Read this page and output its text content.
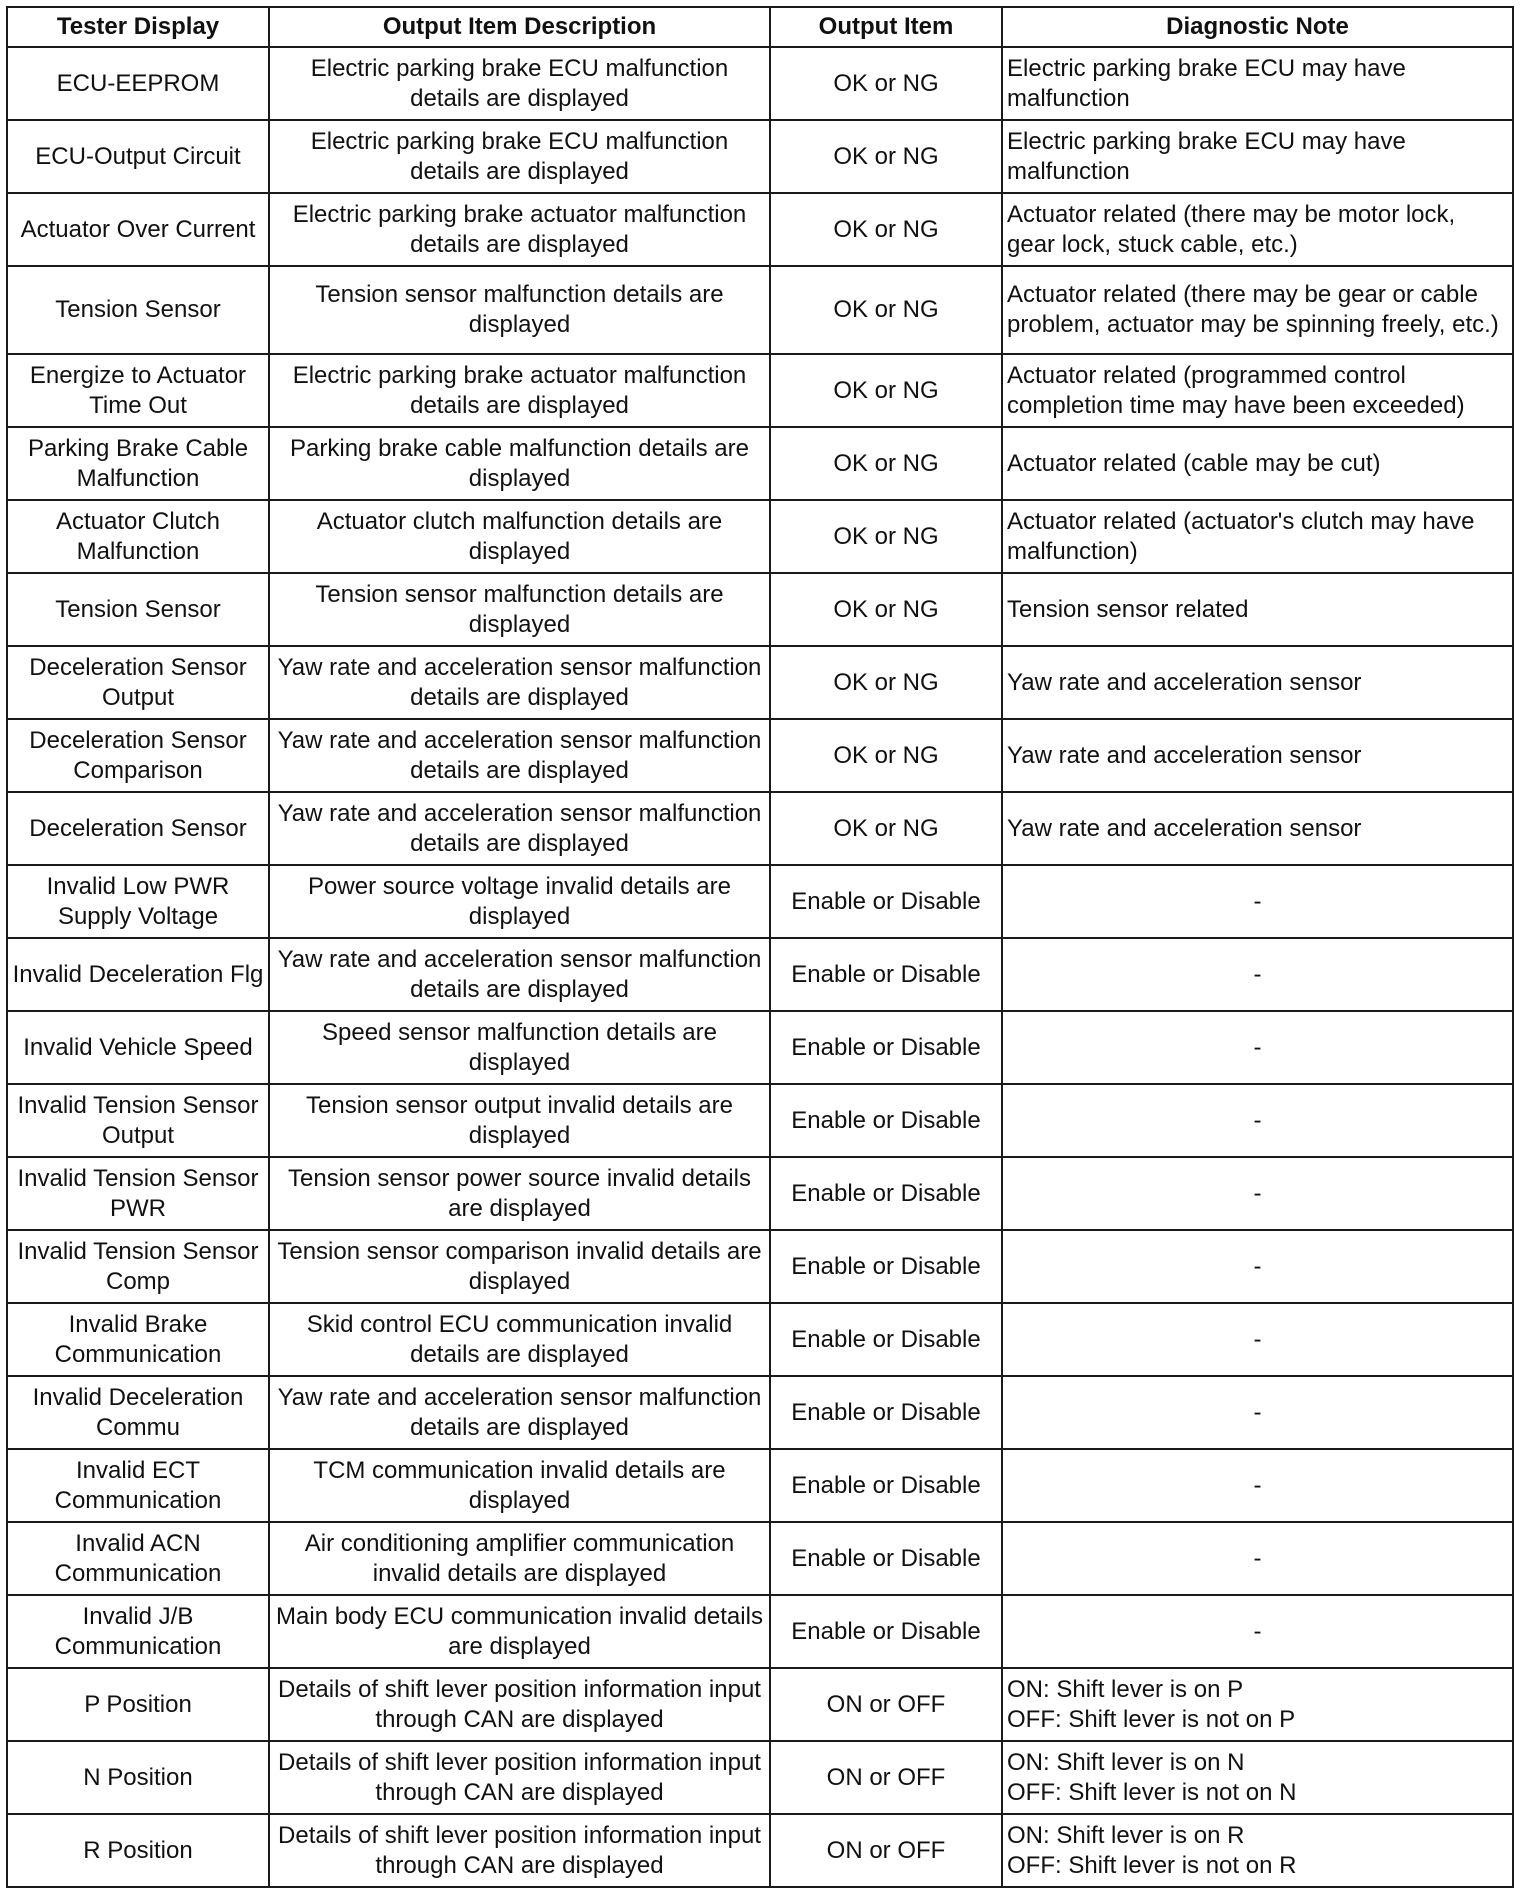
Tester Display	Output Item Description	Output Item	Diagnostic Note
ECU-EEPROM	Electric parking brake ECU malfunction details are displayed	OK or NG	Electric parking brake ECU may have malfunction

ECU-Output Circuit	Electric parking brake ECU malfunction details are displayed	OK or NG	Electric parking brake ECU may have malfunction

Actuator Over Current	Electric parking brake actuator malfunction details are displayed	OK or NG	Actuator related (there may be motor lock, gear lock, stuck cable, etc.)

Tension Sensor	Tension sensor malfunction details are displayed	OK or NG	Actuator related (there may be gear or cable problem, actuator may be spinning freely, etc.)

Energize to Actuator Time Out	Electric parking brake actuator malfunction details are displayed	OK or NG	Actuator related (programmed control completion time may have been exceeded)

Parking Brake Cable Malfunction	Parking brake cable malfunction details are displayed	OK or NG	Actuator related (cable may be cut)

Actuator Clutch Malfunction	Actuator clutch malfunction details are displayed	OK or NG	Actuator related (actuator's clutch may have malfunction)

Tension Sensor	Tension sensor malfunction details are displayed	OK or NG	Tension sensor related

Deceleration Sensor Output	Yaw rate and acceleration sensor malfunction details are displayed	OK or NG	Yaw rate and acceleration sensor

Deceleration Sensor Comparison	Yaw rate and acceleration sensor malfunction details are displayed	OK or NG	Yaw rate and acceleration sensor

Deceleration Sensor	Yaw rate and acceleration sensor malfunction details are displayed	OK or NG	Yaw rate and acceleration sensor

Invalid Low PWR Supply Voltage	Power source voltage invalid details are displayed	Enable or Disable	-

Invalid Deceleration Flg	Yaw rate and acceleration sensor malfunction details are displayed	Enable or Disable	-

Invalid Vehicle Speed	Speed sensor malfunction details are displayed	Enable or Disable	-

Invalid Tension Sensor Output	Tension sensor output invalid details are displayed	Enable or Disable	-

Invalid Tension Sensor PWR	Tension sensor power source invalid details are displayed	Enable or Disable	-

Invalid Tension Sensor Comp	Tension sensor comparison invalid details are displayed	Enable or Disable	-

Invalid Brake Communication	Skid control ECU communication invalid details are displayed	Enable or Disable	-

Invalid Deceleration Commu	Yaw rate and acceleration sensor malfunction details are displayed	Enable or Disable	-

Invalid ECT Communication	TCM communication invalid details are displayed	Enable or Disable	-

Invalid ACN Communication	Air conditioning amplifier communication invalid details are displayed	Enable or Disable	-

Invalid J/B Communication	Main body ECU communication invalid details are displayed	Enable or Disable	-

P Position	Details of shift lever position information input through CAN are displayed	ON or OFF	ON: Shift lever is on P
OFF: Shift lever is not on P

N Position	Details of shift lever position information input through CAN are displayed	ON or OFF	ON: Shift lever is on N
OFF: Shift lever is not on N

R Position	Details of shift lever position information input through CAN are displayed	ON or OFF	ON: Shift lever is on R
OFF: Shift lever is not on R
